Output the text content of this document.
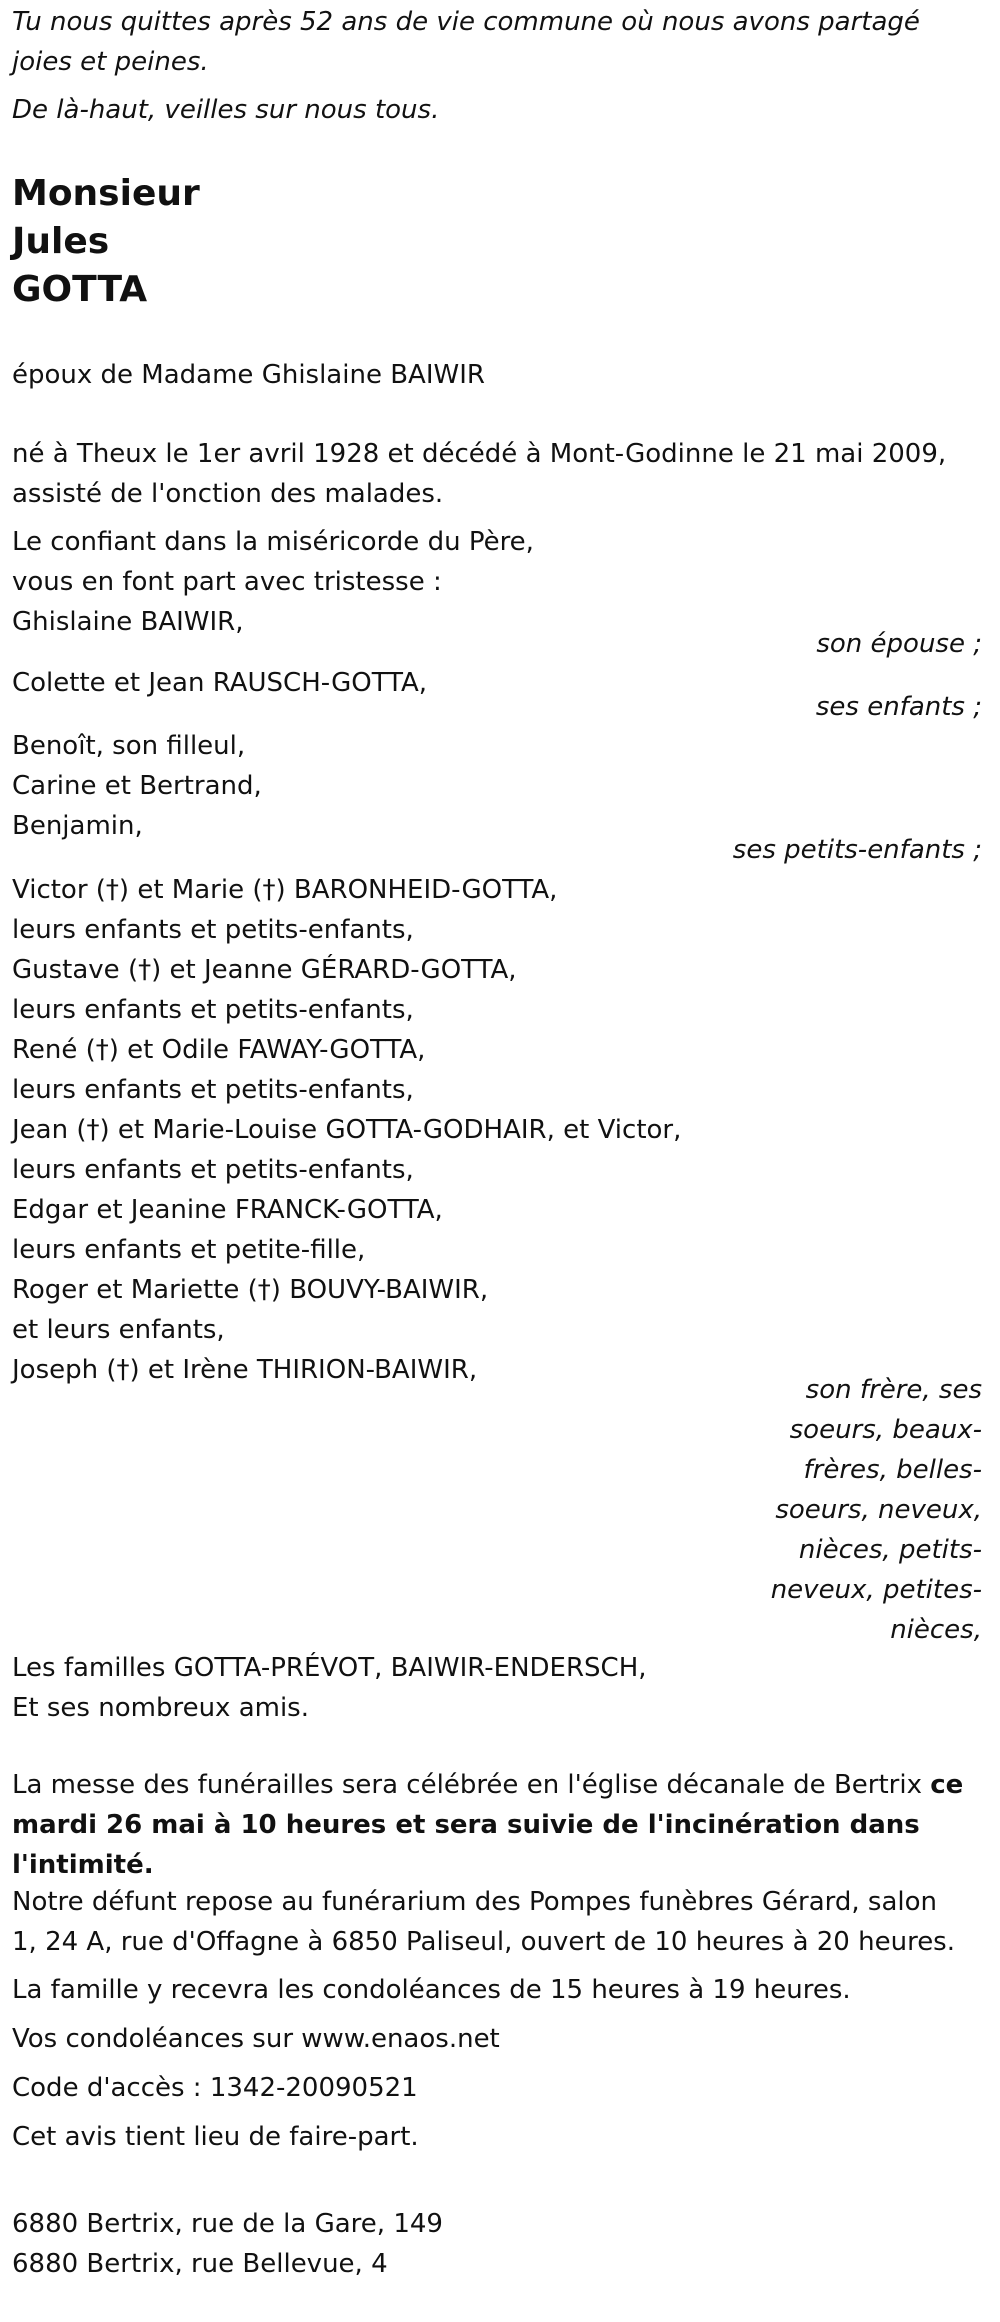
Tu nous quittes après 52 ans de vie commune où nous avons partagé
joies et peines.
De là-haut, veilles sur nous tous.

Monsieur

Jules

GOTTA

époux de Madame Ghislaine BAIWIR

né à Theux le 1er avril 1928 et décédé à Mont-Godinne le 21 mai 2009,
assisté de l'onction des malades.
Le confiant dans la miséricorde du Père,
vous en font part avec tristesse :
Ghislaine BAIWIR,

son épouse ;

Colette et Jean RAUSCH-GOTTA,

ses enfants ;

Benoît, son filleul,
Carine et Bertrand,
Benjamin,

ses petits-enfants ;

Victor (†) et Marie (†) BARONHEID-GOTTA,
leurs enfants et petits-enfants,
Gustave (†) et Jeanne GÉRARD-GOTTA,
leurs enfants et petits-enfants,
René (†) et Odile FAWAY-GOTTA,
leurs enfants et petits-enfants,
Jean (†) et Marie-Louise GOTTA-GODHAIR, et Victor,
leurs enfants et petits-enfants,
Edgar et Jeanine FRANCK-GOTTA,
leurs enfants et petite-fille,
Roger et Mariette (†) BOUVY-BAIWIR,
et leurs enfants,
Joseph (†) et Irène THIRION-BAIWIR,
son frère, ses
soeurs, beaux-
frères, belles-
soeurs, neveux,
nièces, petits-
neveux, petites-
nièces,
Les familles GOTTA-PRÉVOT, BAIWIR-ENDERSCH,
Et ses nombreux amis.
La messe des funérailles sera célébrée en l'église décanale de Bertrix ce
mardi 26 mai à 10 heures et sera suivie de l'incinération dans
l'intimité.
Notre défunt repose au funérarium des Pompes funèbres Gérard, salon
1, 24 A, rue d'Offagne à 6850 Paliseul, ouvert de 10 heures à 20 heures.

La famille y recevra les condoléances de 15 heures à 19 heures.

Vos condoléances sur www.enaos.net

Code d'accès : 1342-20090521

Cet avis tient lieu de faire-part.

6880 Bertrix, rue de la Gare, 149
6880 Bertrix, rue Bellevue, 4
